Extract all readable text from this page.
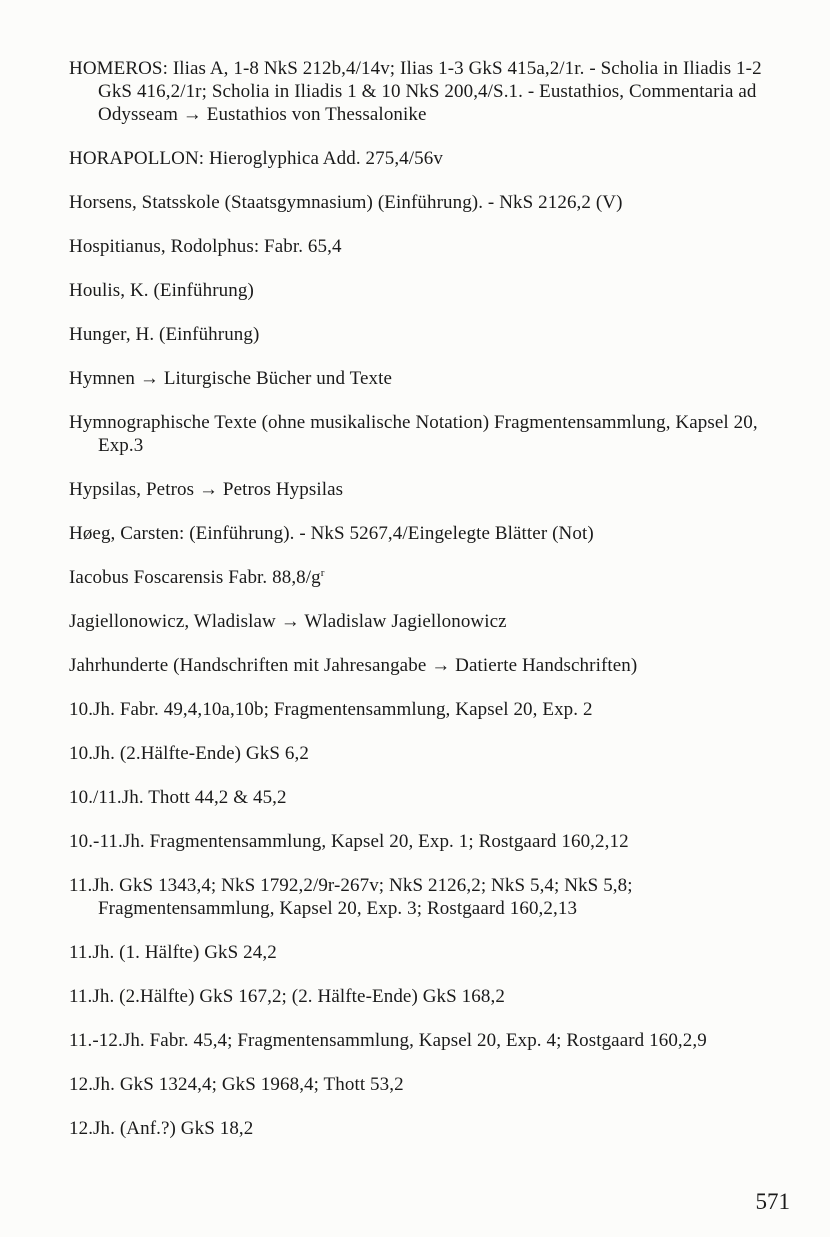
HOMEROS: Ilias A, 1-8 NkS 212b,4/14v; Ilias 1-3 GkS 415a,2/1r. - Scholia in Iliadis 1-2 GkS 416,2/1r; Scholia in Iliadis 1 & 10 NkS 200,4/S.1. - Eustathios, Commentaria ad Odysseam → Eustathios von Thessalonike
HORAPOLLON: Hieroglyphica Add. 275,4/56v
Horsens, Statsskole (Staatsgymnasium) (Einführung). - NkS 2126,2 (V)
Hospitianus, Rodolphus: Fabr. 65,4
Houlis, K. (Einführung)
Hunger, H. (Einführung)
Hymnen → Liturgische Bücher und Texte
Hymnographische Texte (ohne musikalische Notation) Fragmentensammlung, Kapsel 20, Exp.3
Hypsilas, Petros → Petros Hypsilas
Høeg, Carsten: (Einführung). - NkS 5267,4/Eingelegte Blätter (Not)
Iacobus Foscarensis Fabr. $88,8/g^r$
Jagiellonowicz, Wladislaw → Wladislaw Jagiellonowicz
Jahrhunderte (Handschriften mit Jahresangabe → Datierte Handschriften)
10.Jh. Fabr. 49,4,10a,10b; Fragmentensammlung, Kapsel 20, Exp. 2
10.Jh. (2.Hälfte-Ende) GkS 6,2
10./11.Jh. Thott 44,2 & 45,2
10.-11.Jh. Fragmentensammlung, Kapsel 20, Exp. 1; Rostgaard 160,2,12
11.Jh. GkS 1343,4; NkS 1792,2/9r-267v; NkS 2126,2; NkS 5,4; NkS 5,8; Fragmentensammlung, Kapsel 20, Exp. 3; Rostgaard 160,2,13
11.Jh. (1. Hälfte) GkS 24,2
11.Jh. (2.Hälfte) GkS 167,2; (2. Hälfte-Ende) GkS 168,2
11.-12.Jh. Fabr. 45,4; Fragmentensammlung, Kapsel 20, Exp. 4; Rostgaard 160,2,9
12.Jh. GkS 1324,4; GkS 1968,4; Thott 53,2
12.Jh. (Anf.?) GkS 18,2
571
